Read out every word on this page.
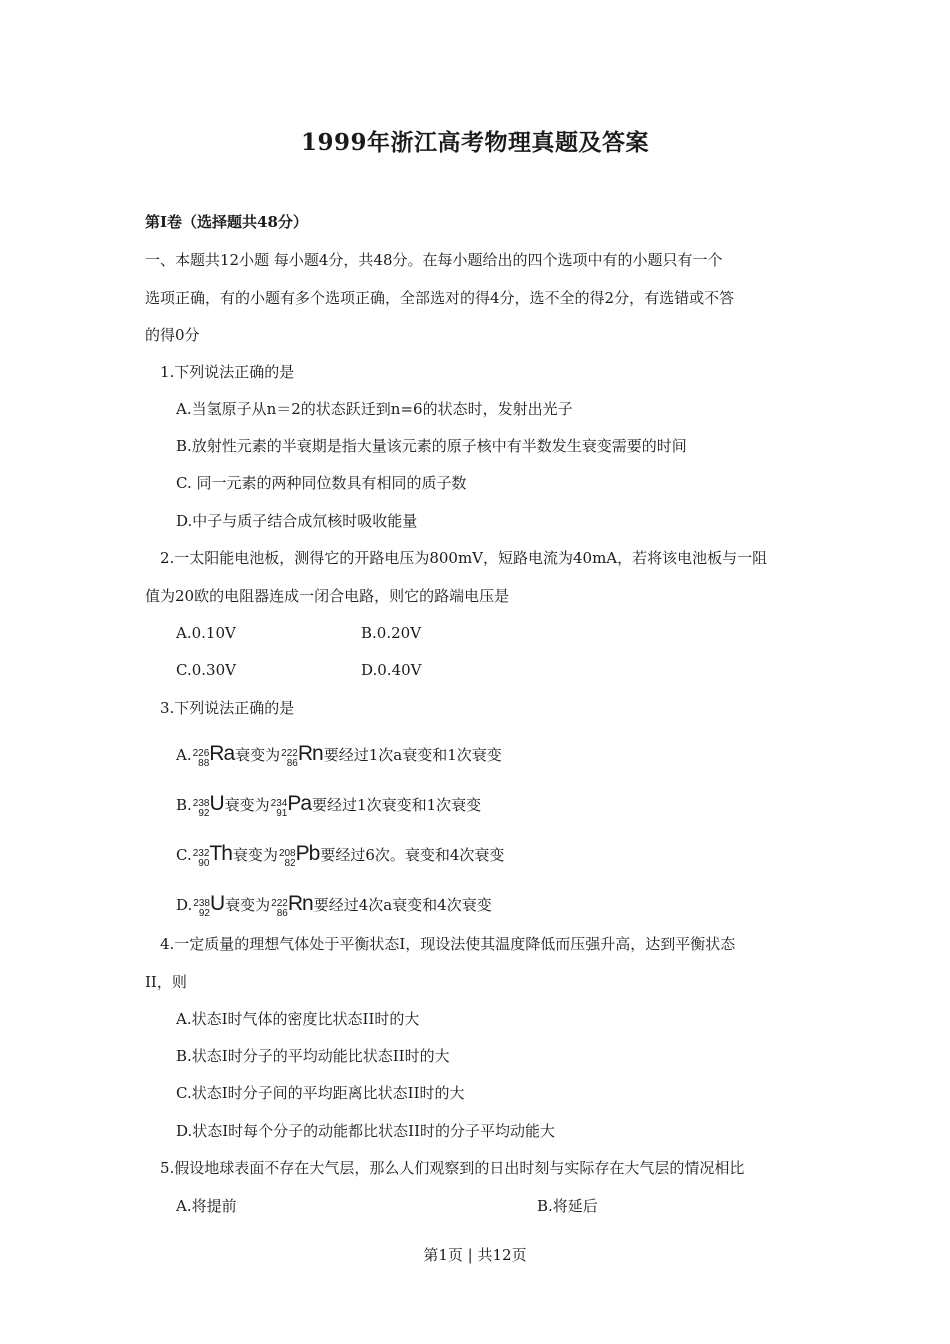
1999年浙江高考物理真题及答案
第Ⅰ卷（选择题共48分）
一、本题共12小题 每小题4分，共48分。在每小题给出的四个选项中有的小题只有一个
选项正确，有的小题有多个选项正确，全部选对的得4分，选不全的得2分，有选错或不答
的得0分
1.下列说法正确的是
A.当氢原子从n＝2的状态跃迁到n=6的状态时，发射出光子
B.放射性元素的半衰期是指大量该元素的原子核中有半数发生衰变需要的时间
C. 同一元素的两种同位数具有相同的质子数
D.中子与质子结合成氘核时吸收能量
2.一太阳能电池板，测得它的开路电压为800mV，短路电流为40mA，若将该电池板与一阻
值为20欧的电阻器连成一闭合电路，则它的路端电压是
A.0.10V	B.0.20V
C.0.30V	D.0.40V
3.下列说法正确的是
A. 226
88 Ra衰变为 222
86 Rn要经过1次a衰变和1次衰变
B. 238
92 U衰变为 234
91 Pa要经过1次衰变和1次衰变
C. 232
90 Th衰变为 208
82 Pb要经过6次。衰变和4次衰变
D. 238
92 U衰变为 222
86 Rn要经过4次a衰变和4次衰变
4.一定质量的理想气体处于平衡状态I，现设法使其温度降低而压强升高，达到平衡状态
II，则
A.状态I时气体的密度比状态II时的大
B.状态I时分子的平均动能比状态II时的大
C.状态I时分子间的平均距离比状态II时的大
D.状态I时每个分子的动能都比状态II时的分子平均动能大
5.假设地球表面不存在大气层，那么人们观察到的日出时刻与实际存在大气层的情况相比
A.将提前	B.将延后
第1页 | 共12页
